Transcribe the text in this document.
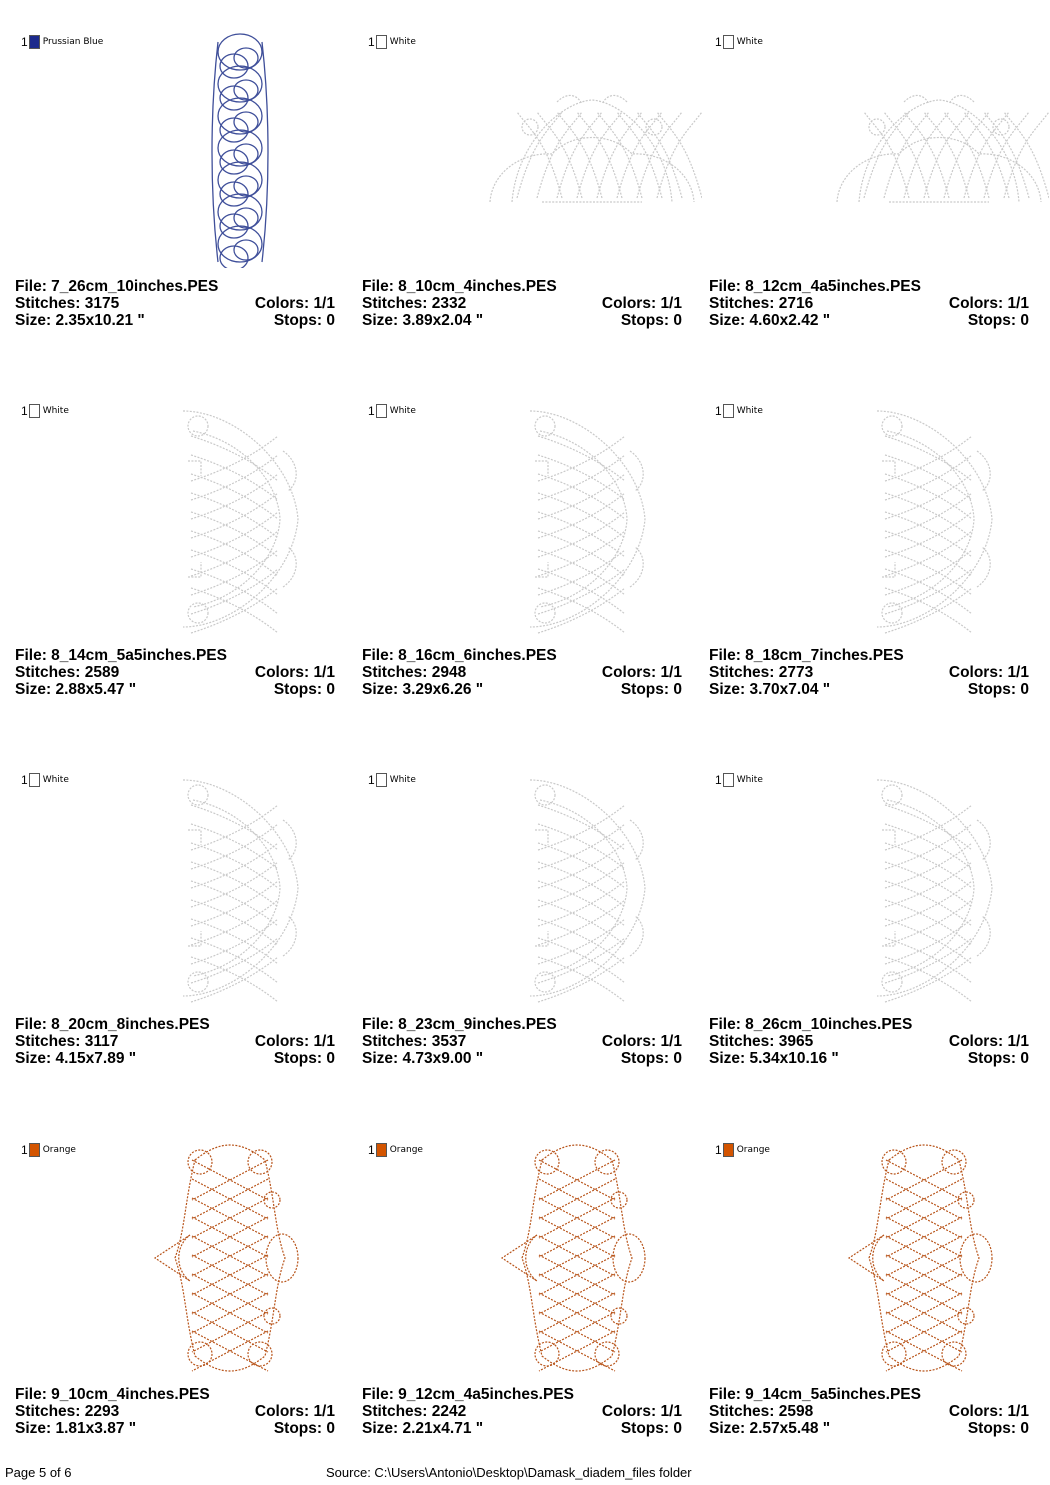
1 Prussian Blue
File: 7_26cm_10inches.PES
Stitches: 3175	Colors: 1/1
Size: 2.35x10.21 "	Stops: 0
1 White
File: 8_10cm_4inches.PES
Stitches: 2332	Colors: 1/1
Size: 3.89x2.04 "	Stops: 0
1 White
File: 8_12cm_4a5inches.PES
Stitches: 2716	Colors: 1/1
Size: 4.60x2.42 "	Stops: 0
1 White
File: 8_14cm_5a5inches.PES
Stitches: 2589	Colors: 1/1
Size: 2.88x5.47 "	Stops: 0
1 White
File: 8_16cm_6inches.PES
Stitches: 2948	Colors: 1/1
Size: 3.29x6.26 "	Stops: 0
1 White
File: 8_18cm_7inches.PES
Stitches: 2773	Colors: 1/1
Size: 3.70x7.04 "	Stops: 0
1 White
File: 8_20cm_8inches.PES
Stitches: 3117	Colors: 1/1
Size: 4.15x7.89 "	Stops: 0
1 White
File: 8_23cm_9inches.PES
Stitches: 3537	Colors: 1/1
Size: 4.73x9.00 "	Stops: 0
1 White
File: 8_26cm_10inches.PES
Stitches: 3965	Colors: 1/1
Size: 5.34x10.16 "	Stops: 0
1 Orange
File: 9_10cm_4inches.PES
Stitches: 2293	Colors: 1/1
Size: 1.81x3.87 "	Stops: 0
1 Orange
File: 9_12cm_4a5inches.PES
Stitches: 2242	Colors: 1/1
Size: 2.21x4.71 "	Stops: 0
1 Orange
File: 9_14cm_5a5inches.PES
Stitches: 2598	Colors: 1/1
Size: 2.57x5.48 "	Stops: 0
Page 5 of 6	Source: C:\Users\Antonio\Desktop\Damask_diadem_files folder
